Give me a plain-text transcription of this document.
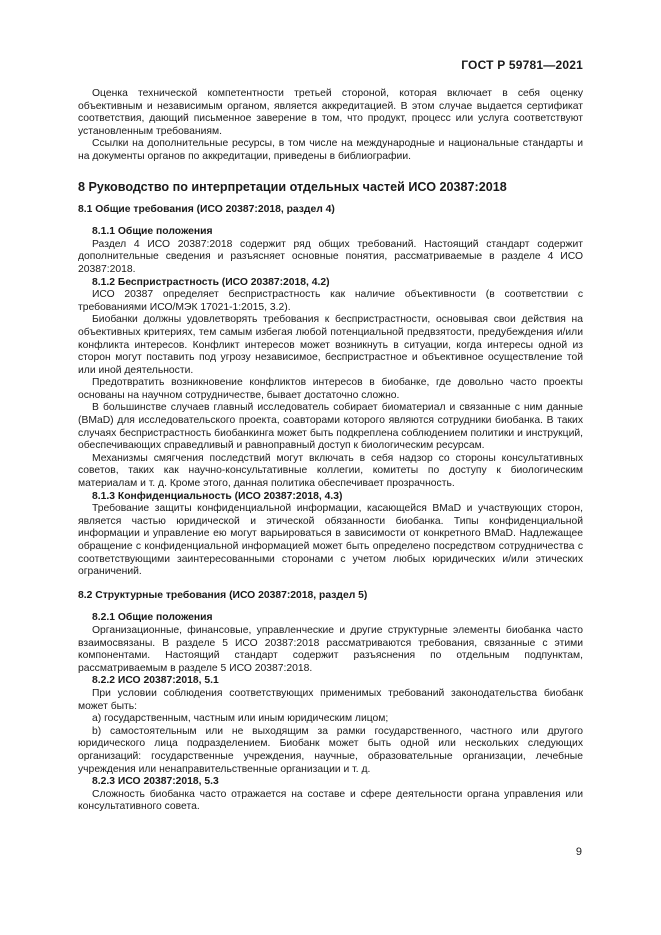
ГОСТ Р 59781—2021

Оценка технической компетентности третьей стороной, которая включает в себя оценку объективным и независимым органом, является аккредитацией. В этом случае выдается сертификат соответствия, дающий письменное заверение в том, что продукт, процесс или услуга соответствуют установленным требованиям.

Ссылки на дополнительные ресурсы, в том числе на международные и национальные стандарты и на документы органов по аккредитации, приведены в библиографии.

8 Руководство по интерпретации отдельных частей ИСО 20387:2018
8.1 Общие требования (ИСО 20387:2018, раздел 4)

8.1.1 Общие положения

Раздел 4 ИСО 20387:2018 содержит ряд общих требований. Настоящий стандарт содержит дополнительные сведения и разъясняет основные понятия, рассматриваемые в разделе 4 ИСО 20387:2018.

8.1.2 Беспристрастность (ИСО 20387:2018, 4.2)

ИСО 20387 определяет беспристрастность как наличие объективности (в соответствии с требованиями ИСО/МЭК 17021-1:2015, 3.2).

Биобанки должны удовлетворять требования к беспристрастности, основывая свои действия на объективных критериях, тем самым избегая любой потенциальной предвзятости, предубеждения и/или конфликта интересов. Конфликт интересов может возникнуть в ситуации, когда интересы одной из сторон могут поставить под угрозу независимое, беспристрастное и объективное осуществление той или иной деятельности.

Предотвратить возникновение конфликтов интересов в биобанке, где довольно часто проекты основаны на научном сотрудничестве, бывает достаточно сложно.

В большинстве случаев главный исследователь собирает биоматериал и связанные с ним данные (BMaD) для исследовательского проекта, соавторами которого являются сотрудники биобанка. В таких случаях беспристрастность биобанкинга может быть подкреплена соблюдением политики и инструкций, обеспечивающих справедливый и равноправный доступ к биологическим ресурсам.

Механизмы смягчения последствий могут включать в себя надзор со стороны консультативных советов, таких как научно-консультативные коллегии, комитеты по доступу к биологическим материалам и т. д. Кроме этого, данная политика обеспечивает прозрачность.

8.1.3 Конфиденциальность (ИСО 20387:2018, 4.3)

Требование защиты конфиденциальной информации, касающейся BMaD и участвующих сторон, является частью юридической и этической обязанности биобанка. Типы конфиденциальной информации и управление ею могут варьироваться в зависимости от конкретного BMaD. Надлежащее обращение с конфиденциальной информацией может быть определено посредством сотрудничества с соответствующими заинтересованными сторонами с учетом любых юридических и/или этических ограничений.

8.2 Структурные требования (ИСО 20387:2018, раздел 5)

8.2.1 Общие положения

Организационные, финансовые, управленческие и другие структурные элементы биобанка часто взаимосвязаны. В разделе 5 ИСО 20387:2018 рассматриваются требования, связанные с этими компонентами. Настоящий стандарт содержит разъяснения по отдельным подпунктам, рассматриваемым в разделе 5 ИСО 20387:2018.

8.2.2 ИСО 20387:2018, 5.1

При условии соблюдения соответствующих применимых требований законодательства биобанк может быть:

а) государственным, частным или иным юридическим лицом;

b) самостоятельным или не выходящим за рамки государственного, частного или другого юридического лица подразделением. Биобанк может быть одной или нескольких следующих организаций: государственные учреждения, научные, образовательные организации, лечебные учреждения или ненаправительственные организации и т. д.

8.2.3 ИСО 20387:2018, 5.3

Сложность биобанка часто отражается на составе и сфере деятельности органа управления или консультативного совета.

9
